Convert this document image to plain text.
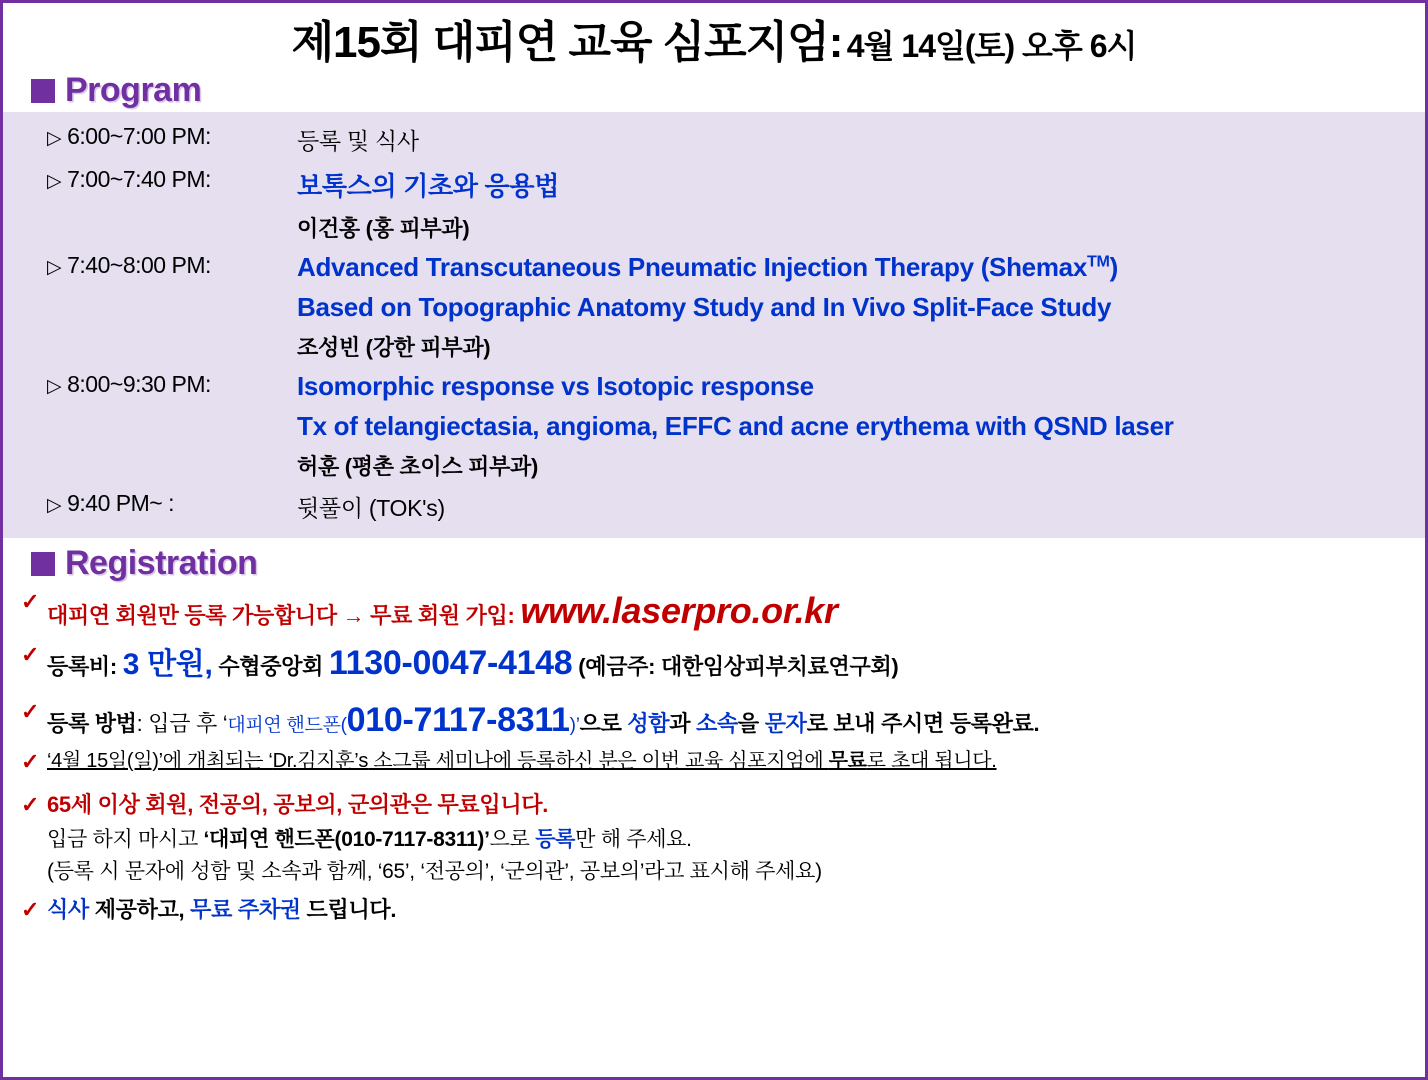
제15회 대피연 교육 심포지엄: 4월 14일(토) 오후 6시
Program
▷ 6:00~7:00 PM:	등록 및 식사
▷ 7:00~7:40 PM:	보톡스의 기초와 응용법
이건홍 (홍 피부과)
▷ 7:40~8:00 PM:	Advanced Transcutaneous Pneumatic Injection Therapy (Shemax™)
Based on Topographic Anatomy Study and In Vivo Split-Face Study
조성빈 (강한 피부과)
▷ 8:00~9:30 PM:	Isomorphic response vs Isotopic response
Tx of telangiectasia, angioma, EFFC and acne erythema with QSND laser
허훈 (평촌 초이스 피부과)
▷ 9:40 PM~ :	뒷풀이 (TOK's)
Registration
✓
대피연 회원만 등록 가능합니다 → 무료 회원 가입: www.laserpro.or.kr
✓ 등록비: 3 만원, 수협중앙회 1130-0047-4148 (예금주: 대한임상피부치료연구회)
✓ 등록 방법: 입금 후 ‘대피연 핸드폰(010-7117-8311)’으로 성함과 소속을 문자로 보내 주시면 등록완료.
✓ ‘4월 15일(일)’에 개최되는 ‘Dr.김지훈’s 소그룹 세미나에 등록하신 분은 이번 교육 심포지엄에 무료로 초대 됩니다.
✓ 65세 이상 회원, 전공의, 공보의, 군의관은 무료입니다.
입금 하지 마시고 ‘대피연 핸드폰(010-7117-8311)’으로 등록만 해 주세요.
(등록 시 문자에 성함 및 소속과 함께, ‘65’, ‘전공의’, ‘군의관’, 공보의’라고 표시해 주세요)
✓ 식사 제공하고, 무료 주차권 드립니다.
